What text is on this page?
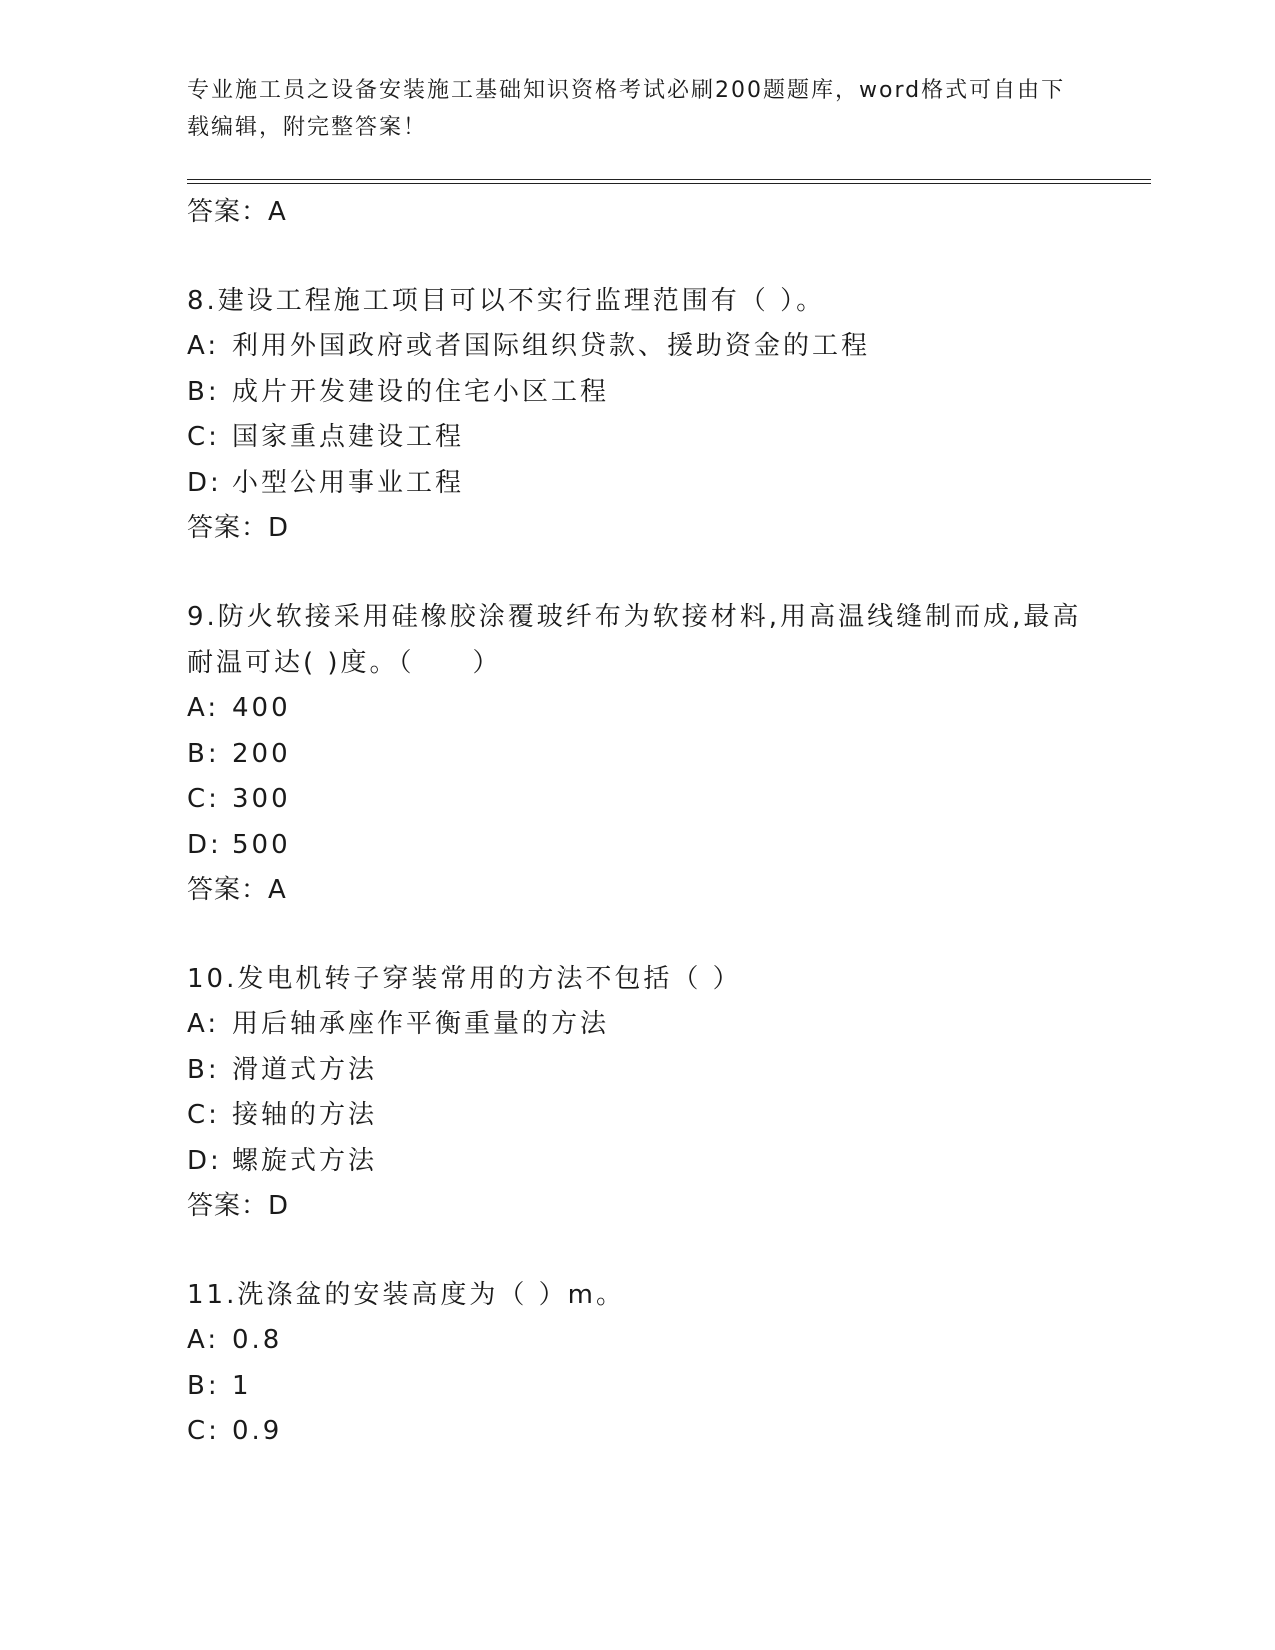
专业施工员之设备安装施工基础知识资格考试必刷200题题库，word格式可自由下载编辑，附完整答案！

答案：A

8.建设工程施工项目可以不实行监理范围有（ ）。

A: 利用外国政府或者国际组织贷款、援助资金的工程

B: 成片开发建设的住宅小区工程

C: 国家重点建设工程

D: 小型公用事业工程

答案：D

9.防火软接采用硅橡胶涂覆玻纤布为软接材料,用高温线缝制而成,最高耐温可达( )度。（　　）

A: 400

B: 200

C: 300

D: 500

答案：A

10.发电机转子穿装常用的方法不包括（ ）

A: 用后轴承座作平衡重量的方法

B: 滑道式方法

C: 接轴的方法

D: 螺旋式方法

答案：D

11.洗涤盆的安装高度为（ ）m。

A: 0.8

B: 1

C: 0.9
